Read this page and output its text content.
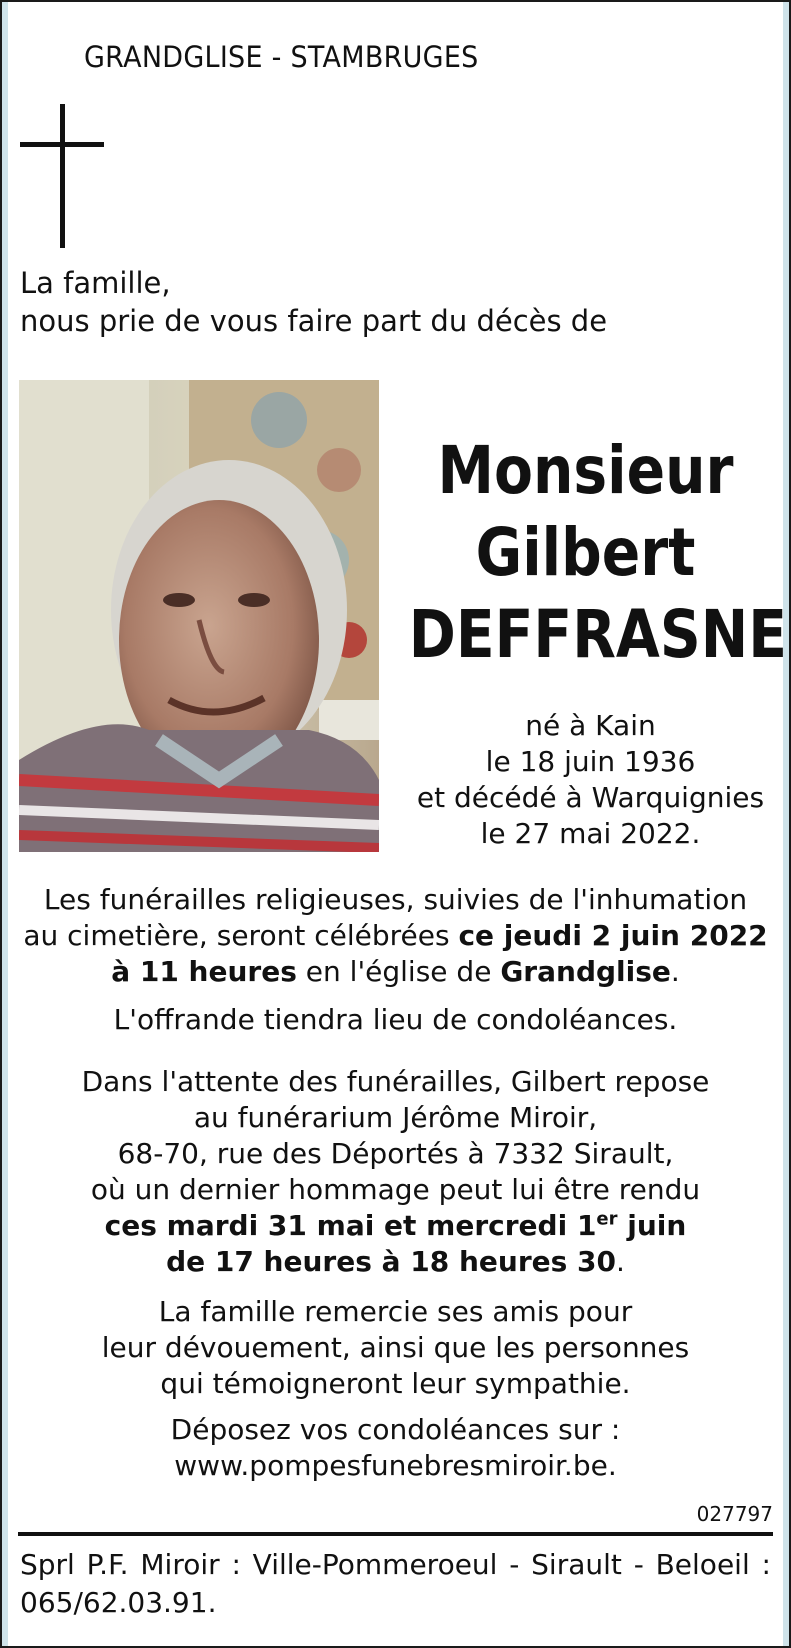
GRANDGLISE - STAMBRUGES
La famille,
nous prie de vous faire part du décès de
Monsieur
Gilbert
DEFFRASNE
né à Kain
le 18 juin 1936
et décédé à Warquignies
le 27 mai 2022.
Les funérailles religieuses, suivies de l'inhumation
au cimetière, seront célébrées ce jeudi 2 juin 2022
à 11 heures en l'église de Grandglise.
L'offrande tiendra lieu de condoléances.
Dans l'attente des funérailles, Gilbert repose
au funérarium Jérôme Miroir,
68-70, rue des Déportés à 7332 Sirault,
où un dernier hommage peut lui être rendu
ces mardi 31 mai et mercredi 1er juin
de 17 heures à 18 heures 30.
La famille remercie ses amis pour
leur dévouement, ainsi que les personnes
qui témoigneront leur sympathie.
Déposez vos condoléances sur :
www.pompesfunebresmiroir.be.
027797
Sprl P.F. Miroir : Ville-Pommeroeul - Sirault - Beloeil :
065/62.03.91.
